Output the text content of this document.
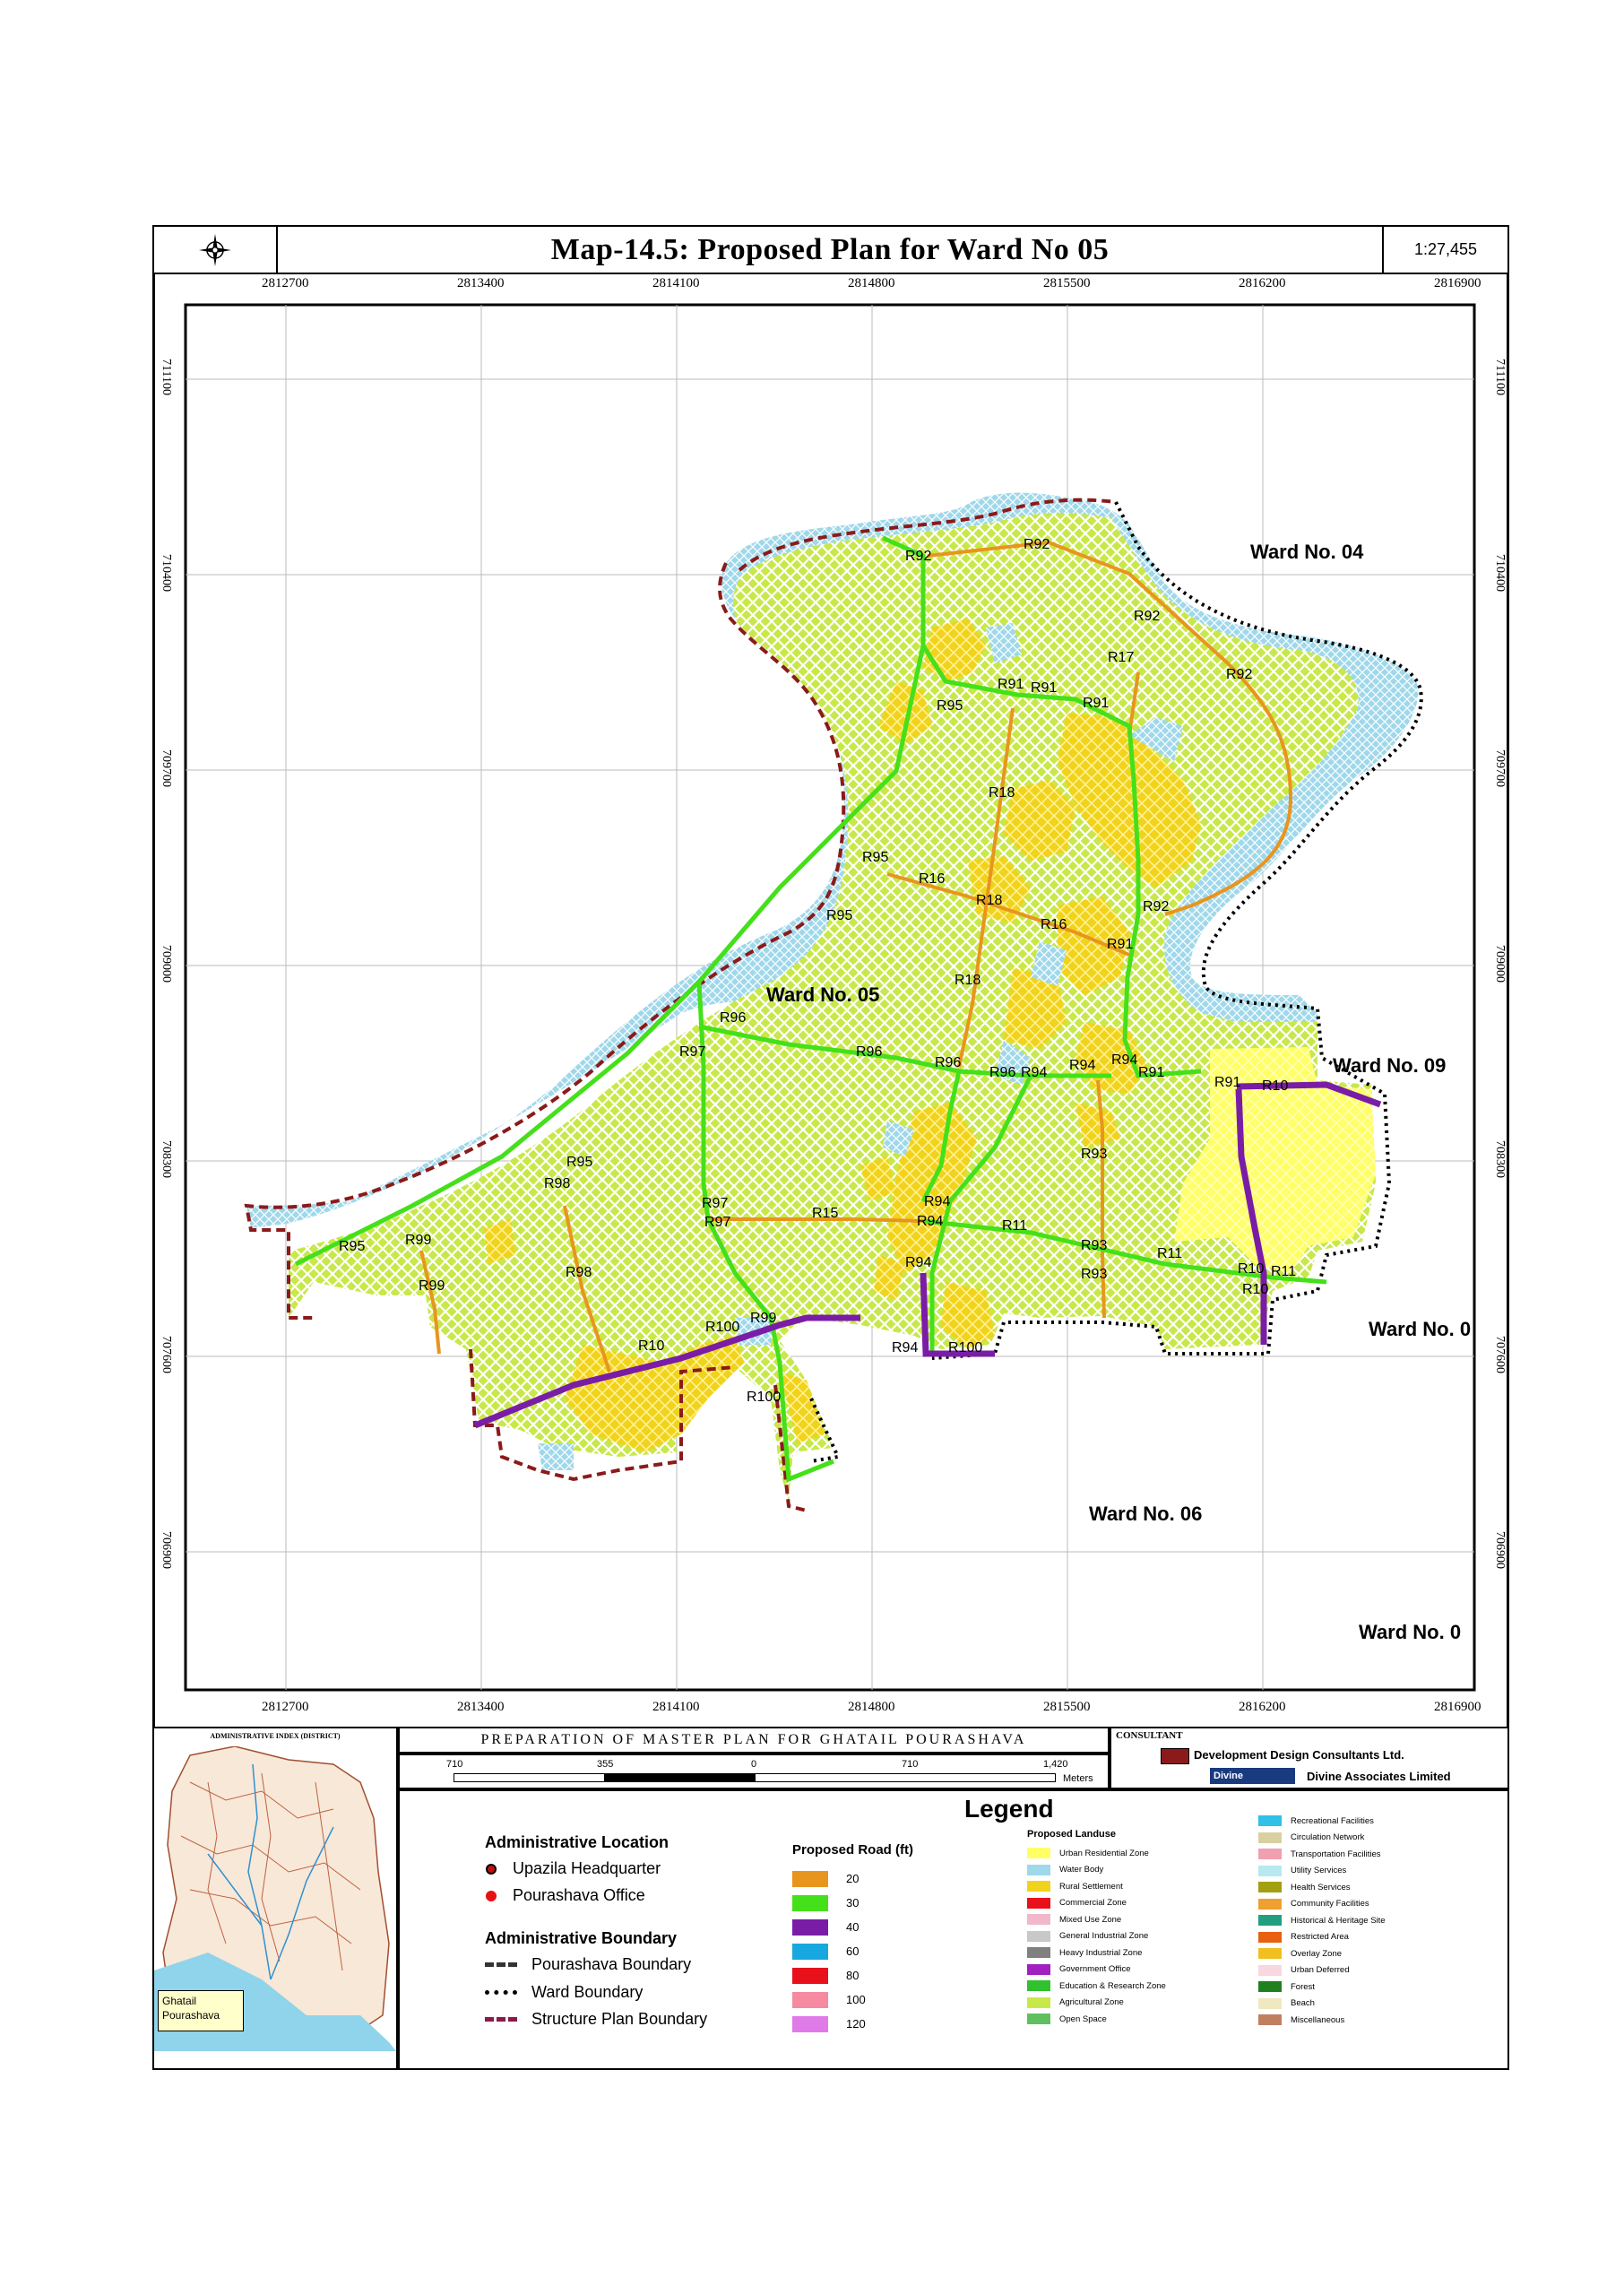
Map-14.5: Proposed Plan for Ward No 05	1:27,455
2812700	2813400	2814100	2814800	2815500	2816200	2816900
2812700	2813400	2814100	2814800	2815500	2816200	2816900
711100
710400
709700
709000
708300
707600
706900
711100
710400
709700
709000
708300
707600
706900
Ward No. 04
Ward No. 05
Ward No. 09
Ward No. 0
Ward No. 06
Ward No. 0
R92
R92
R92
R92
R92
R17
R91 R91
R91
R95
R18
R95
R16
R18
R16
R91
R95
R18
R96
R96
R96
R96 R94 R94	R91
R94
R91
R97
R95
R98
R97
R97
R15
R94
R94	R11
R93
R93
R95	R99
R99
R98	R93
R11
R11
R10
R10
R94
R10
R100
R99
R100
R10	R94 R100
ADMINISTRATIVE INDEX (DISTRICT)
Ghatail
Pourashava
PREPARATION OF MASTER PLAN FOR GHATAIL POURASHAVA
710	355	0	710	1,420
Meters
CONSULTANT
Development Design Consultants Ltd.
Divine	Divine Associates Limited
Legend
Administrative Location
Upazila Headquarter
Pourashava Office
Administrative Boundary
Pourashava Boundary
Ward Boundary
Structure Plan Boundary
Proposed Road (ft)
20
30
40
60
80
100
120
Proposed Landuse
Urban Residential Zone
Water Body
Rural Settlement
Commercial Zone
Mixed Use Zone
General Industrial Zone
Heavy Industrial Zone
Government Office
Education & Research Zone
Agricultural Zone
Open Space
Recreational Facilities
Circulation Network
Transportation Facilities
Utility Services
Health Services
Community Facilities
Historical & Heritage Site
Restricted Area
Overlay Zone
Urban Deferred
Forest
Beach
Miscellaneous
